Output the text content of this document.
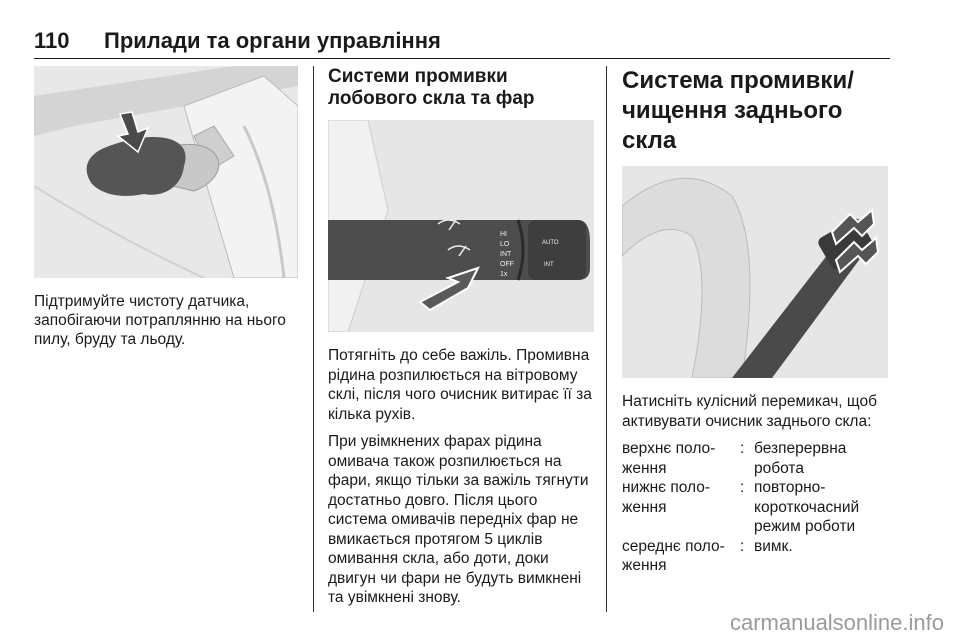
110	Прилади та органи управління

Підтримуйте чистоту датчика, запобігаючи потраплянню на нього пилу, бруду та льоду.

Системи промивки лобового скла та фар
HI
LO
INT
OFF
1x
AUTO
INT

Потягніть до себе важіль. Промивна рідина розпилюється на вітровому склі, після чого очисник витирає її за кілька рухів.

При увімкнених фарах рідина омивача також розпилюється на фари, якщо тільки за важіль тягнути достатньо довго. Після цього система омивачів передніх фар не вмикається протягом 5 циклів омивання скла, або доти, доки двигун чи фари не будуть вимкнені та увімкнені знову.

Система промивки/ чищення заднього скла

Натисніть кулісний перемикач, щоб активувати очисник заднього скла:

верхнє поло- ження	:	безперервна робота
нижнє поло- ження	:	повторно- короткочасний режим роботи
середнє поло- ження	:	вимк.
carmanualsonline.info
